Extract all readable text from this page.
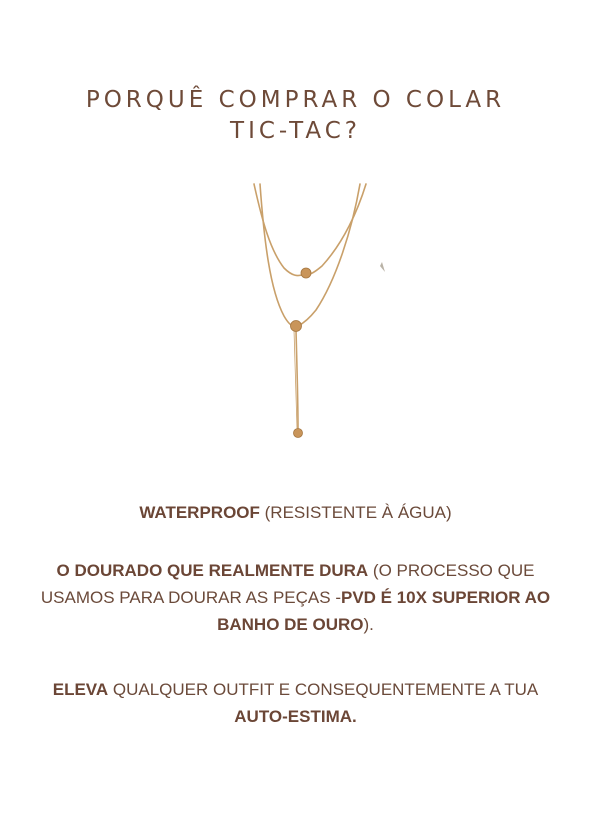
PORQUÊ COMPRAR O COLAR
TIC-TAC?

WATERPROOF (RESISTENTE À ÁGUA)

O DOURADO QUE REALMENTE DURA (O PROCESSO QUE USAMOS PARA DOURAR AS PEÇAS -PVD É 10X SUPERIOR AO BANHO DE OURO).

ELEVA QUALQUER OUTFIT E CONSEQUENTEMENTE A TUA AUTO-ESTIMA.
